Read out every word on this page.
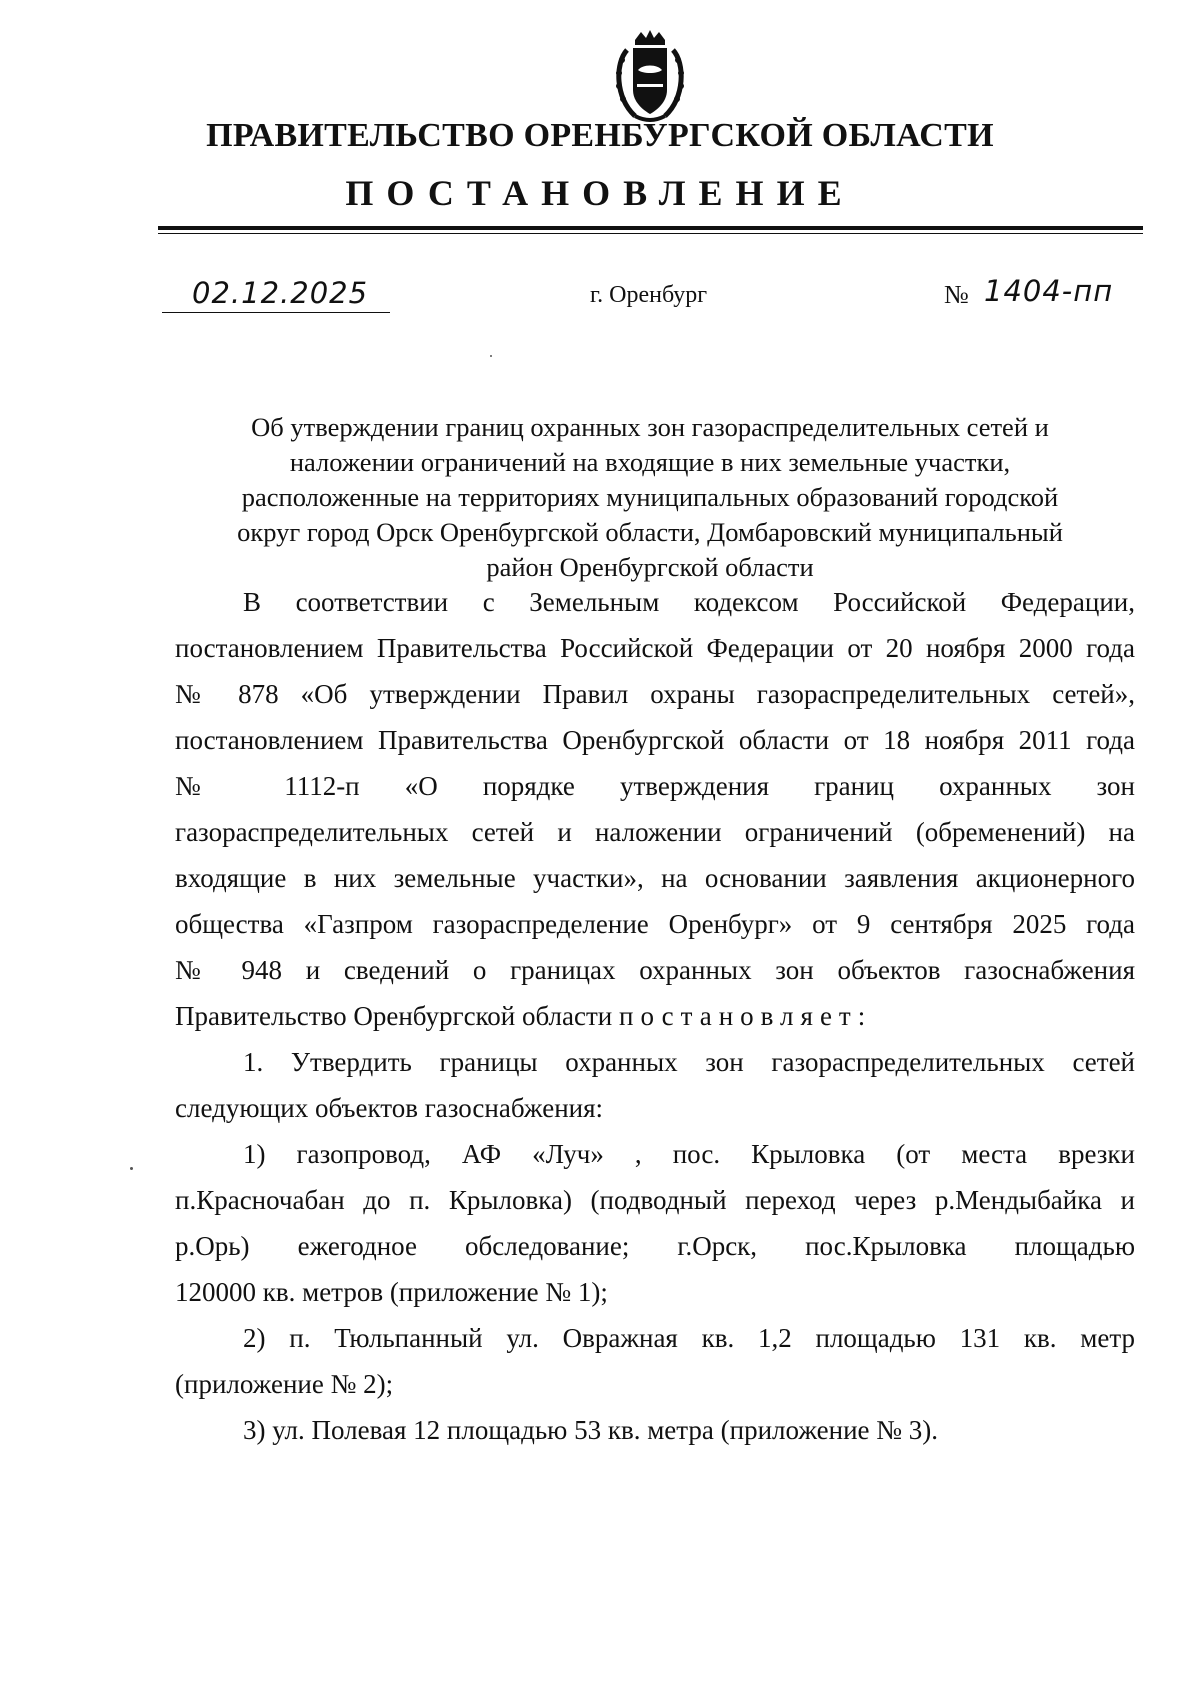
ПРАВИТЕЛЬСТВО ОРЕНБУРГСКОЙ ОБЛАСТИ
ПОСТАНОВЛЕНИЕ
02.12.2025	г. Оренбург	№ 1404-пп
Об утверждении границ охранных зон газораспределительных сетей и
наложении ограничений на входящие в них земельные участки,
расположенные на территориях муниципальных образований городской
округ город Орск Оренбургской области, Домбаровский муниципальный
район Оренбургской области
В соответствии с Земельным кодексом Российской Федерации,
постановлением Правительства Российской Федерации от 20 ноября 2000 года
№ 878 «Об утверждении Правил охраны газораспределительных сетей»,
постановлением Правительства Оренбургской области от 18 ноября 2011 года
№ 1112-п «О порядке утверждения границ охранных зон
газораспределительных сетей и наложении ограничений (обременений) на
входящие в них земельные участки», на основании заявления акционерного
общества «Газпром газораспределение Оренбург» от 9 сентября 2025 года
№ 948 и сведений о границах охранных зон объектов газоснабжения
Правительство Оренбургской области постановляет:
1. Утвердить границы охранных зон газораспределительных сетей
следующих объектов газоснабжения:
1) газопровод, АФ «Луч» , пос. Крыловка (от места врезки
п.Красночабан до п. Крыловка) (подводный переход через р.Мендыбайка и
р.Орь) ежегодное обследование; г.Орск, пос.Крыловка площадью
120000 кв. метров (приложение № 1);
2) п. Тюльпанный ул. Овражная кв. 1,2 площадью 131 кв. метр
(приложение № 2);
3) ул. Полевая 12 площадью 53 кв. метра (приложение № 3).
